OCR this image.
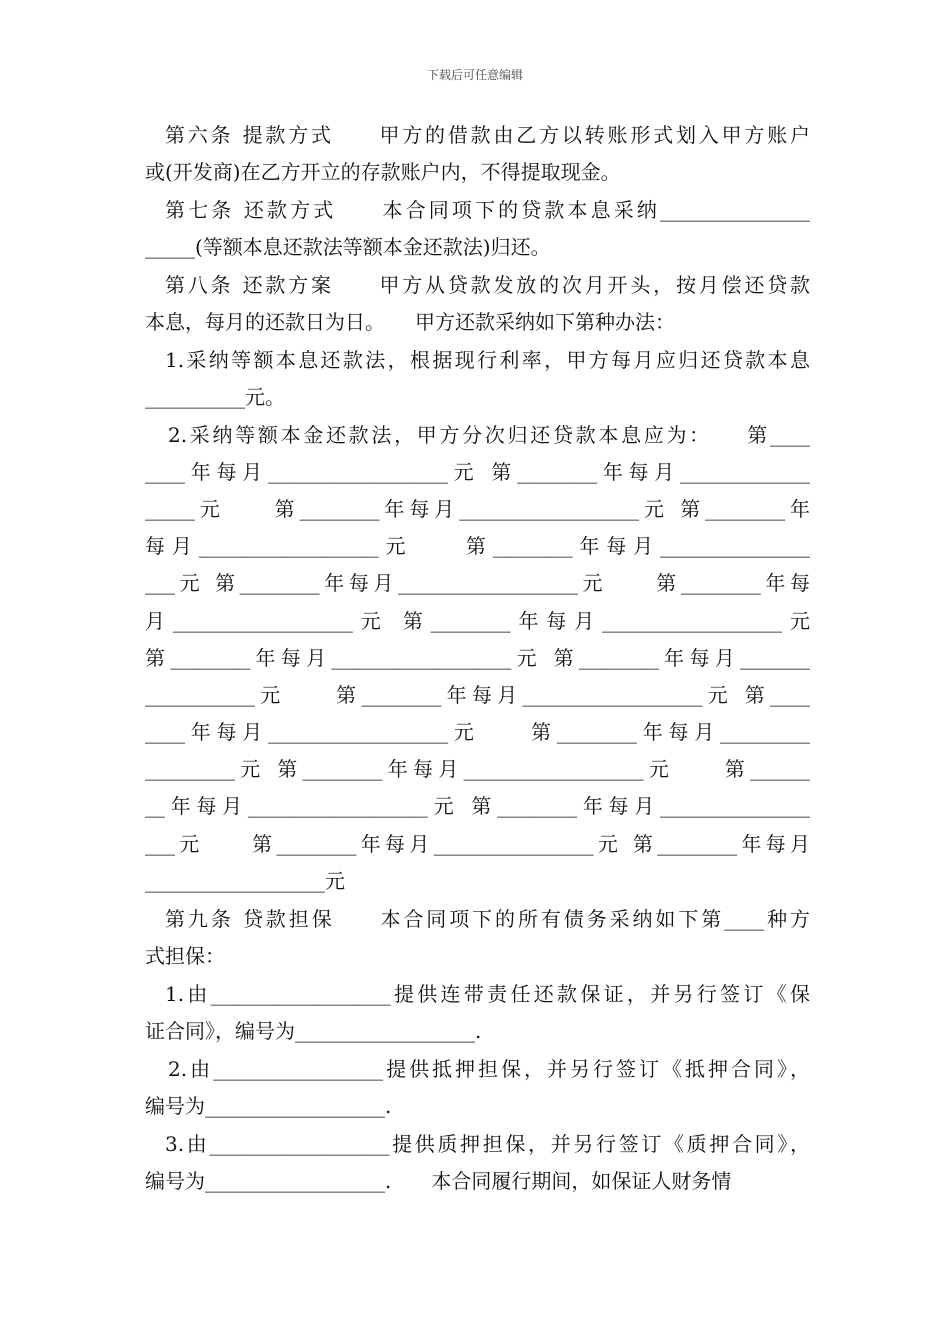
下载后可任意编辑
第六条 提款方式　　甲方的借款由乙方以转账形式划入甲方账户
或(开发商)在乙方开立的存款账户内，不得提取现金。
第七条 还款方式　　本合同项下的贷款本息采纳_______________
_____(等额本息还款法等额本金还款法)归还。
第八条 还款方案　　甲方从贷款发放的次月开头，按月偿还贷款
本息，每月的还款日为日。　　甲方还款采纳如下第种办法：
1.采纳等额本息还款法，根据现行利率，甲方每月应归还贷款本息
__________元。
2.采纳等额本金还款法，甲方分次归还贷款本息应为：　　第____
____年每月__________________元 第________年每月_____________
_____元　　第________年每月__________________元 第________年
每月__________________元　　第________年每月_______________
___元 第________年每月__________________元　　第________年每
月__________________元 第________年每月__________________元
第________年每月__________________元 第________年每月_______
___________元　　第________年每月__________________元 第____
____年每月__________________元　　第________年每月_________
_________元 第________年每月__________________元　　第______
__年每月__________________元 第________年每月_______________
___元　　第________年每月________________元 第________年每月
__________________元
第九条 贷款担保　　本合同项下的所有债务采纳如下第____种方
式担保：
1.由__________________提供连带责任还款保证，并另行签订《保
证合同》，编号为__________________.
2.由_________________提供抵押担保，并另行签订《抵押合同》，
编号为__________________.
3.由__________________提供质押担保，并另行签订《质押合同》，
编号为__________________.　　本合同履行期间，如保证人财务情
